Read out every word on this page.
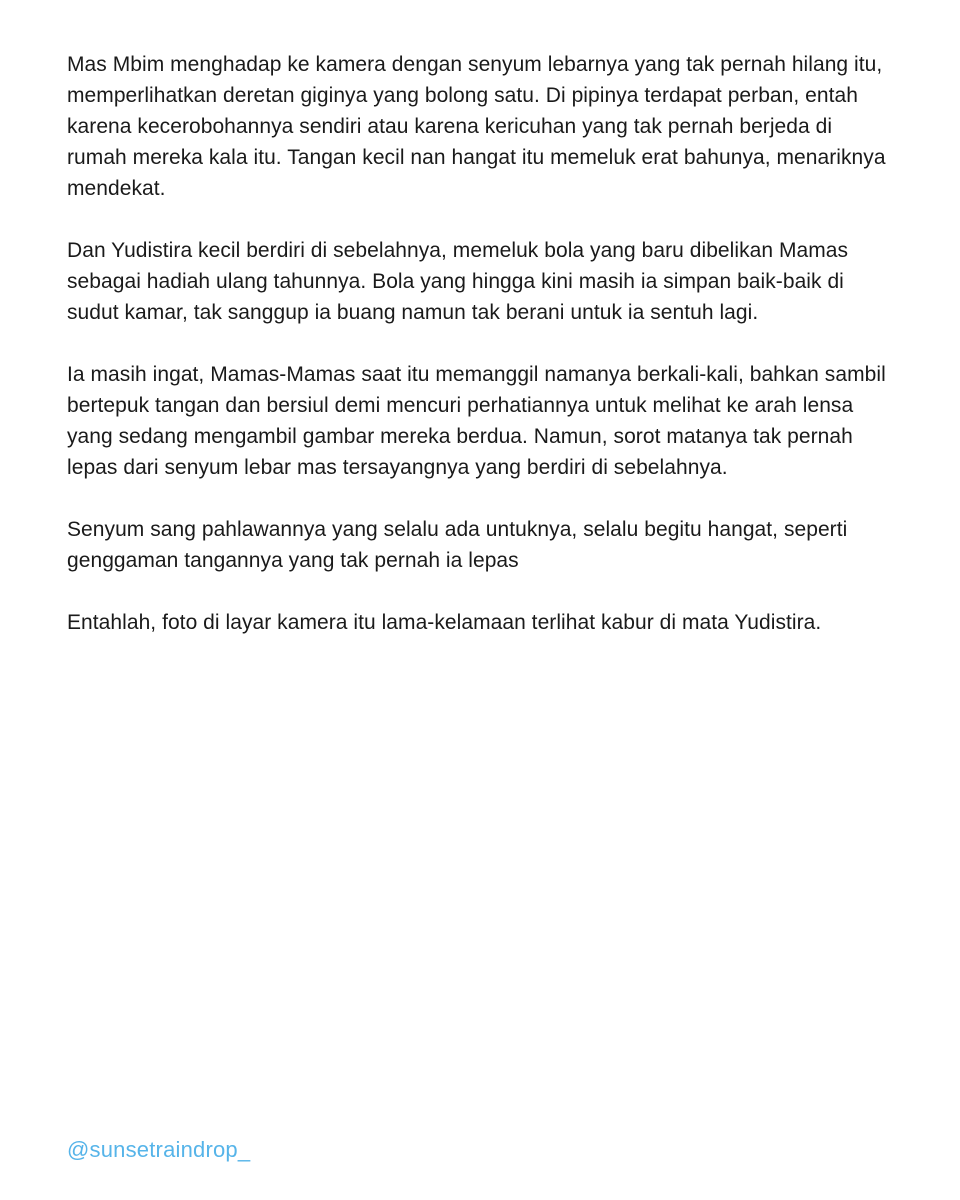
Mas Mbim menghadap ke kamera dengan senyum lebarnya yang tak pernah hilang itu, memperlihatkan deretan giginya yang bolong satu. Di pipinya terdapat perban, entah karena kecerobohannya sendiri atau karena kericuhan yang tak pernah berjeda di rumah mereka kala itu. Tangan kecil nan hangat itu memeluk erat bahunya, menariknya mendekat.

Dan Yudistira kecil berdiri di sebelahnya, memeluk bola yang baru dibelikan Mamas sebagai hadiah ulang tahunnya. Bola yang hingga kini masih ia simpan baik-baik di sudut kamar, tak sanggup ia buang namun tak berani untuk ia sentuh lagi.

Ia masih ingat, Mamas-Mamas saat itu memanggil namanya berkali-kali, bahkan sambil bertepuk tangan dan bersiul demi mencuri perhatiannya untuk melihat ke arah lensa yang sedang mengambil gambar mereka berdua. Namun, sorot matanya tak pernah lepas dari senyum lebar mas tersayangnya yang berdiri di sebelahnya.

Senyum sang pahlawannya yang selalu ada untuknya, selalu begitu hangat, seperti genggaman tangannya yang tak pernah ia lepas

Entahlah, foto di layar kamera itu lama-kelamaan terlihat kabur di mata Yudistira.

@sunsetraindrop_
